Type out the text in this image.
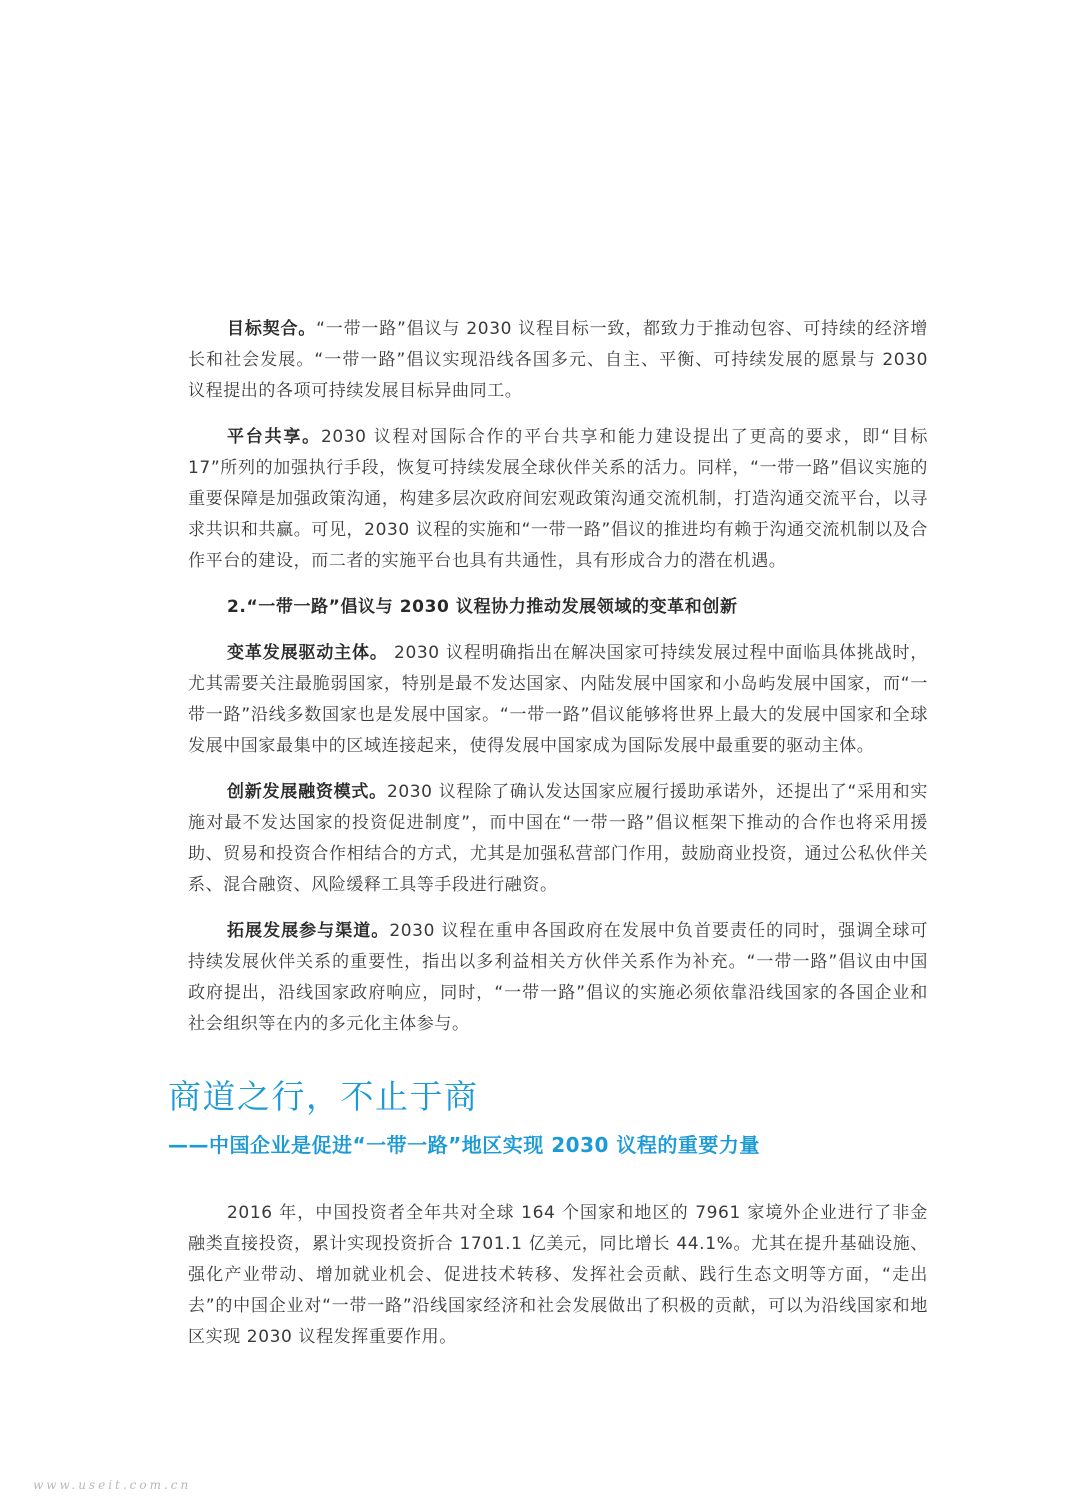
目标契合。“一带一路”倡议与 2030 议程目标一致，都致力于推动包容、可持续的经济增长和社会发展。“一带一路”倡议实现沿线各国多元、自主、平衡、可持续发展的愿景与 2030 议程提出的各项可持续发展目标异曲同工。

平台共享。2030 议程对国际合作的平台共享和能力建设提出了更高的要求，即“目标 17”所列的加强执行手段，恢复可持续发展全球伙伴关系的活力。同样，“一带一路”倡议实施的重要保障是加强政策沟通，构建多层次政府间宏观政策沟通交流机制，打造沟通交流平台，以寻求共识和共赢。可见，2030 议程的实施和“一带一路”倡议的推进均有赖于沟通交流机制以及合作平台的建设，而二者的实施平台也具有共通性，具有形成合力的潜在机遇。

2.“一带一路”倡议与 2030 议程协力推动发展领域的变革和创新

变革发展驱动主体。 2030 议程明确指出在解决国家可持续发展过程中面临具体挑战时，尤其需要关注最脆弱国家，特别是最不发达国家、内陆发展中国家和小岛屿发展中国家，而“一带一路”沿线多数国家也是发展中国家。“一带一路”倡议能够将世界上最大的发展中国家和全球发展中国家最集中的区域连接起来，使得发展中国家成为国际发展中最重要的驱动主体。

创新发展融资模式。2030 议程除了确认发达国家应履行援助承诺外，还提出了“采用和实施对最不发达国家的投资促进制度”，而中国在“一带一路”倡议框架下推动的合作也将采用援助、贸易和投资合作相结合的方式，尤其是加强私营部门作用，鼓励商业投资，通过公私伙伴关系、混合融资、风险缓释工具等手段进行融资。

拓展发展参与渠道。2030 议程在重申各国政府在发展中负首要责任的同时，强调全球可持续发展伙伴关系的重要性，指出以多利益相关方伙伴关系作为补充。“一带一路”倡议由中国政府提出，沿线国家政府响应，同时，“一带一路”倡议的实施必须依靠沿线国家的各国企业和社会组织等在内的多元化主体参与。

商道之行，不止于商
——中国企业是促进“一带一路”地区实现 2030 议程的重要力量

2016 年，中国投资者全年共对全球 164 个国家和地区的 7961 家境外企业进行了非金融类直接投资，累计实现投资折合 1701.1 亿美元，同比增长 44.1%。尤其在提升基础设施、强化产业带动、增加就业机会、促进技术转移、发挥社会贡献、践行生态文明等方面，“走出去”的中国企业对“一带一路”沿线国家经济和社会发展做出了积极的贡献，可以为沿线国家和地区实现 2030 议程发挥重要作用。

www.useit.com.cn
